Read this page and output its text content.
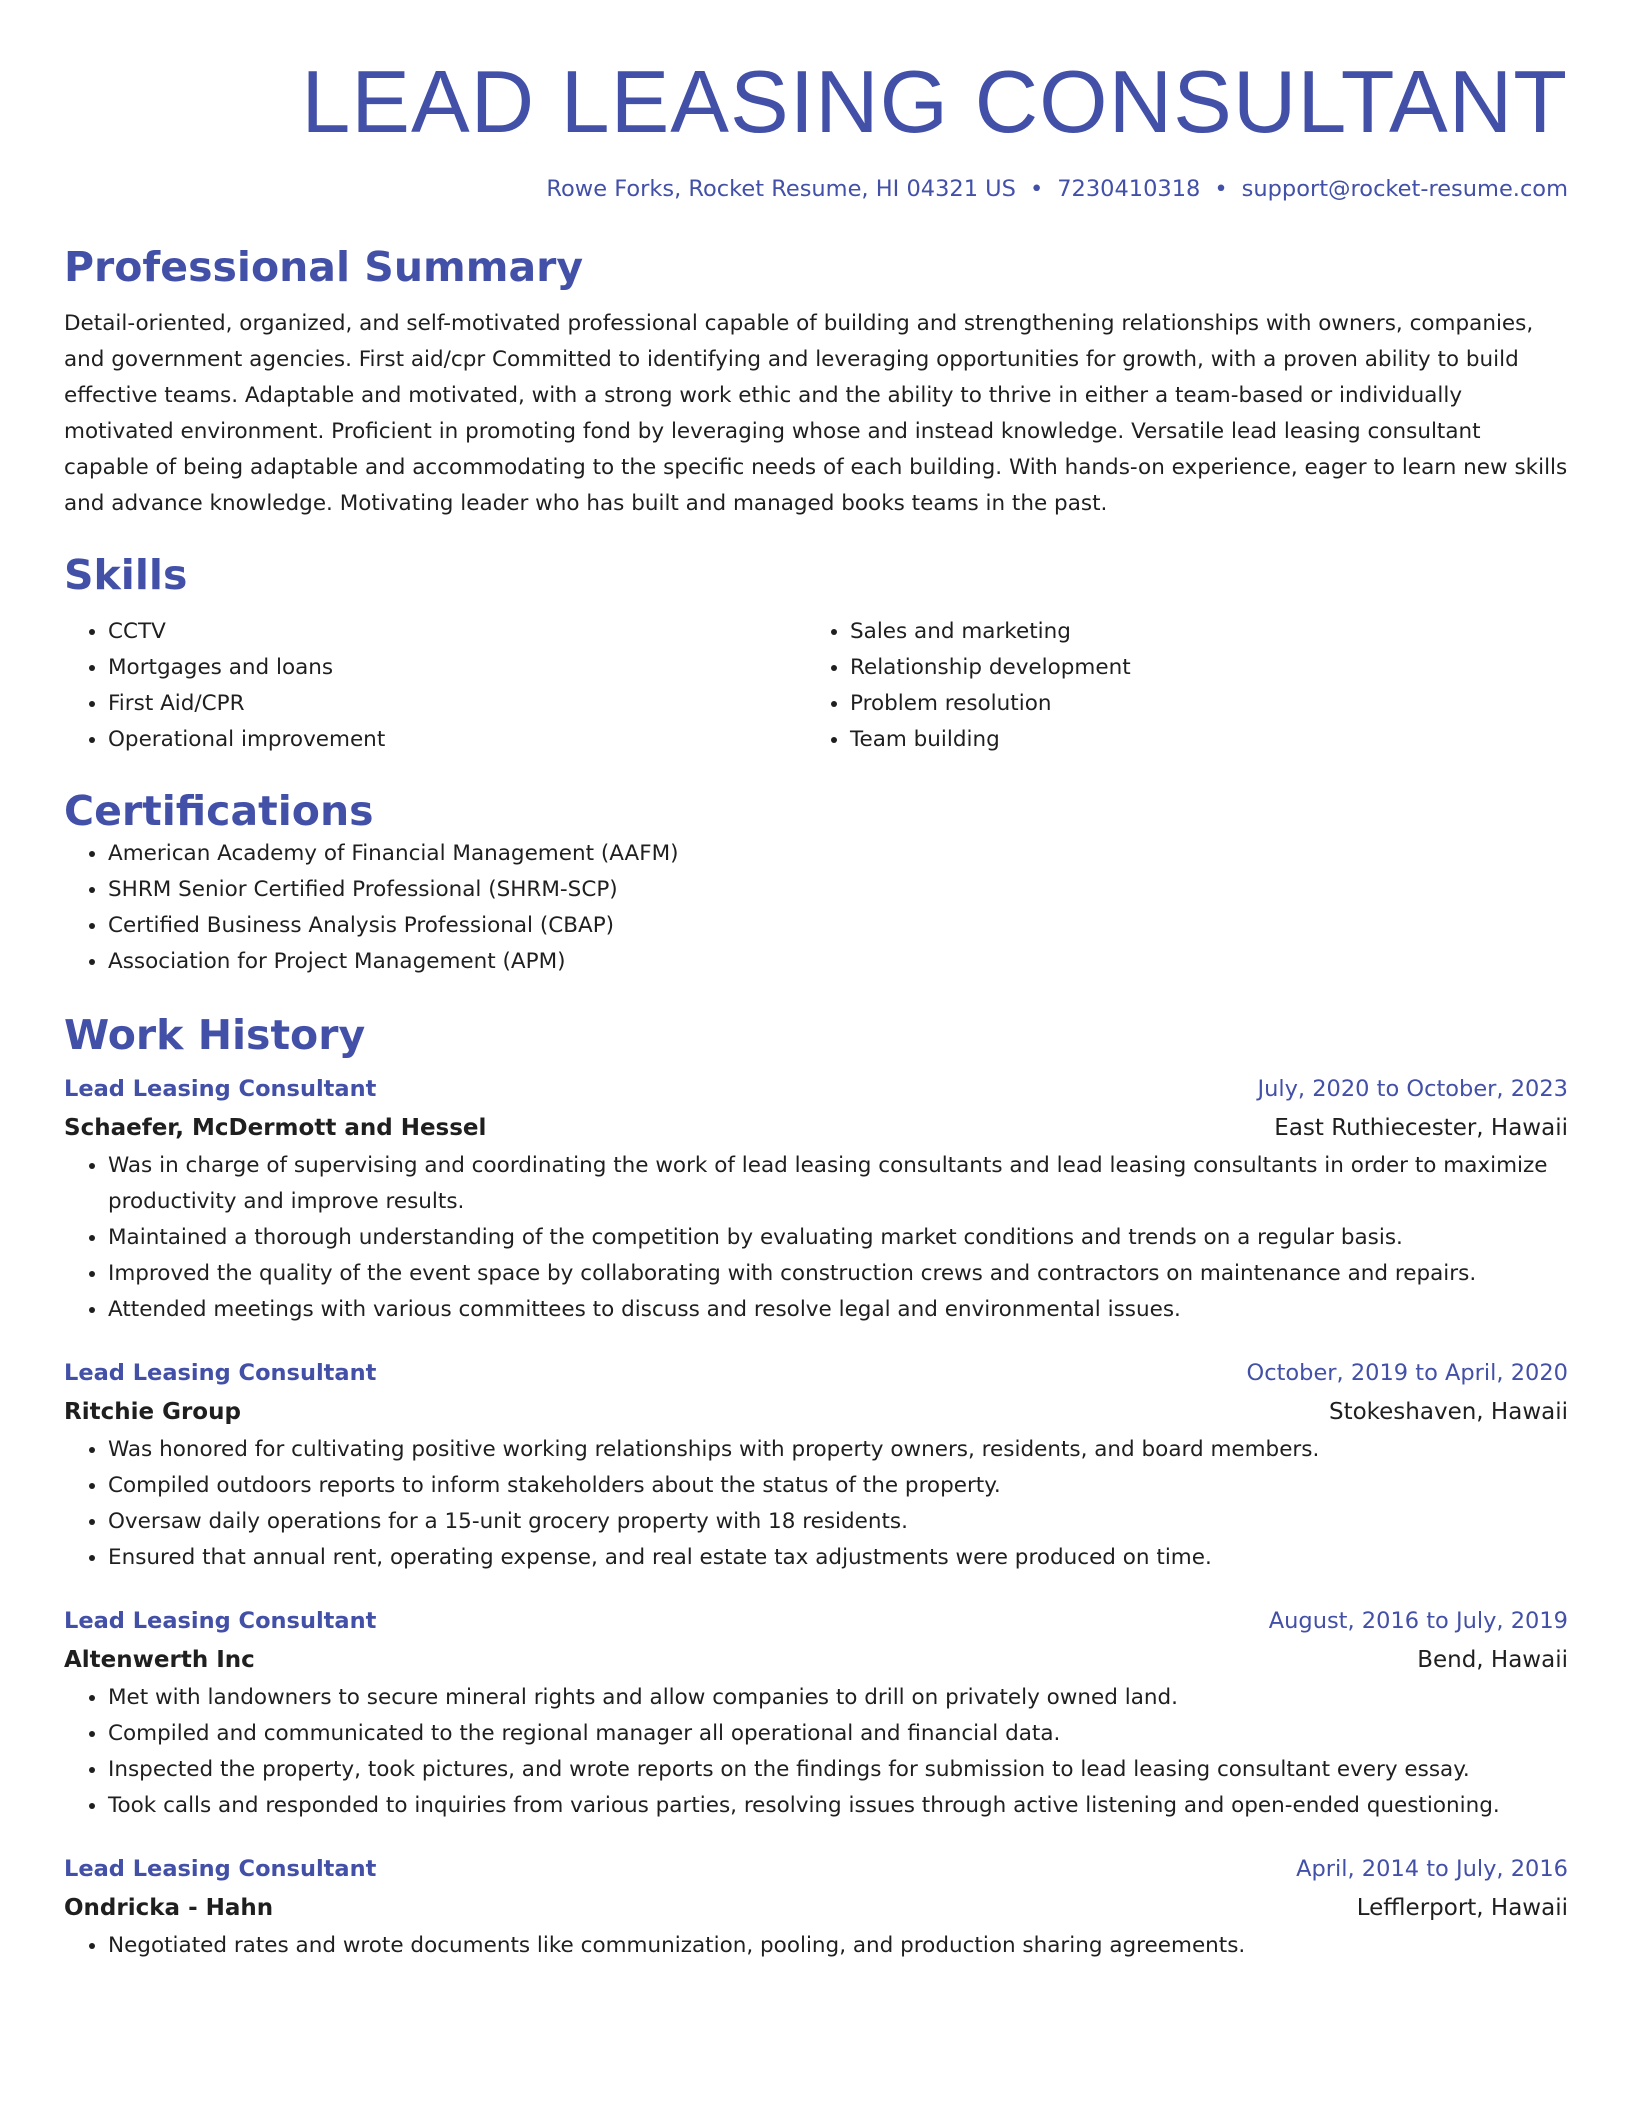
LEAD LEASING CONSULTANT
Rowe Forks, Rocket Resume, HI 04321 US • 7230410318 • support@rocket-resume.com
Professional Summary

Detail-oriented, organized, and self-motivated professional capable of building and strengthening relationships with owners, companies, and government agencies. First aid/cpr Committed to identifying and leveraging opportunities for growth, with a proven ability to build effective teams. Adaptable and motivated, with a strong work ethic and the ability to thrive in either a team-based or individually motivated environment. Proficient in promoting fond by leveraging whose and instead knowledge. Versatile lead leasing consultant capable of being adaptable and accommodating to the specific needs of each building. With hands-on experience, eager to learn new skills and advance knowledge. Motivating leader who has built and managed books teams in the past.

Skills
• CCTV
• Mortgages and loans
• First Aid/CPR
• Operational improvement
• Sales and marketing
• Relationship development
• Problem resolution
• Team building
Certifications
• American Academy of Financial Management (AAFM)
• SHRM Senior Certified Professional (SHRM-SCP)
• Certified Business Analysis Professional (CBAP)
• Association for Project Management (APM)
Work History
Lead Leasing Consultant	July, 2020 to October, 2023
Schaefer, McDermott and Hessel	East Ruthiecester, Hawaii
• Was in charge of supervising and coordinating the work of lead leasing consultants and lead leasing consultants in order to maximize productivity and improve results.
• Maintained a thorough understanding of the competition by evaluating market conditions and trends on a regular basis.
• Improved the quality of the event space by collaborating with construction crews and contractors on maintenance and repairs.
• Attended meetings with various committees to discuss and resolve legal and environmental issues.
Lead Leasing Consultant	October, 2019 to April, 2020
Ritchie Group	Stokeshaven, Hawaii
• Was honored for cultivating positive working relationships with property owners, residents, and board members.
• Compiled outdoors reports to inform stakeholders about the status of the property.
• Oversaw daily operations for a 15-unit grocery property with 18 residents.
• Ensured that annual rent, operating expense, and real estate tax adjustments were produced on time.
Lead Leasing Consultant	August, 2016 to July, 2019
Altenwerth Inc	Bend, Hawaii
• Met with landowners to secure mineral rights and allow companies to drill on privately owned land.
• Compiled and communicated to the regional manager all operational and financial data.
• Inspected the property, took pictures, and wrote reports on the findings for submission to lead leasing consultant every essay.
• Took calls and responded to inquiries from various parties, resolving issues through active listening and open-ended questioning.
Lead Leasing Consultant	April, 2014 to July, 2016
Ondricka - Hahn	Lefflerport, Hawaii
• Negotiated rates and wrote documents like communization, pooling, and production sharing agreements.
